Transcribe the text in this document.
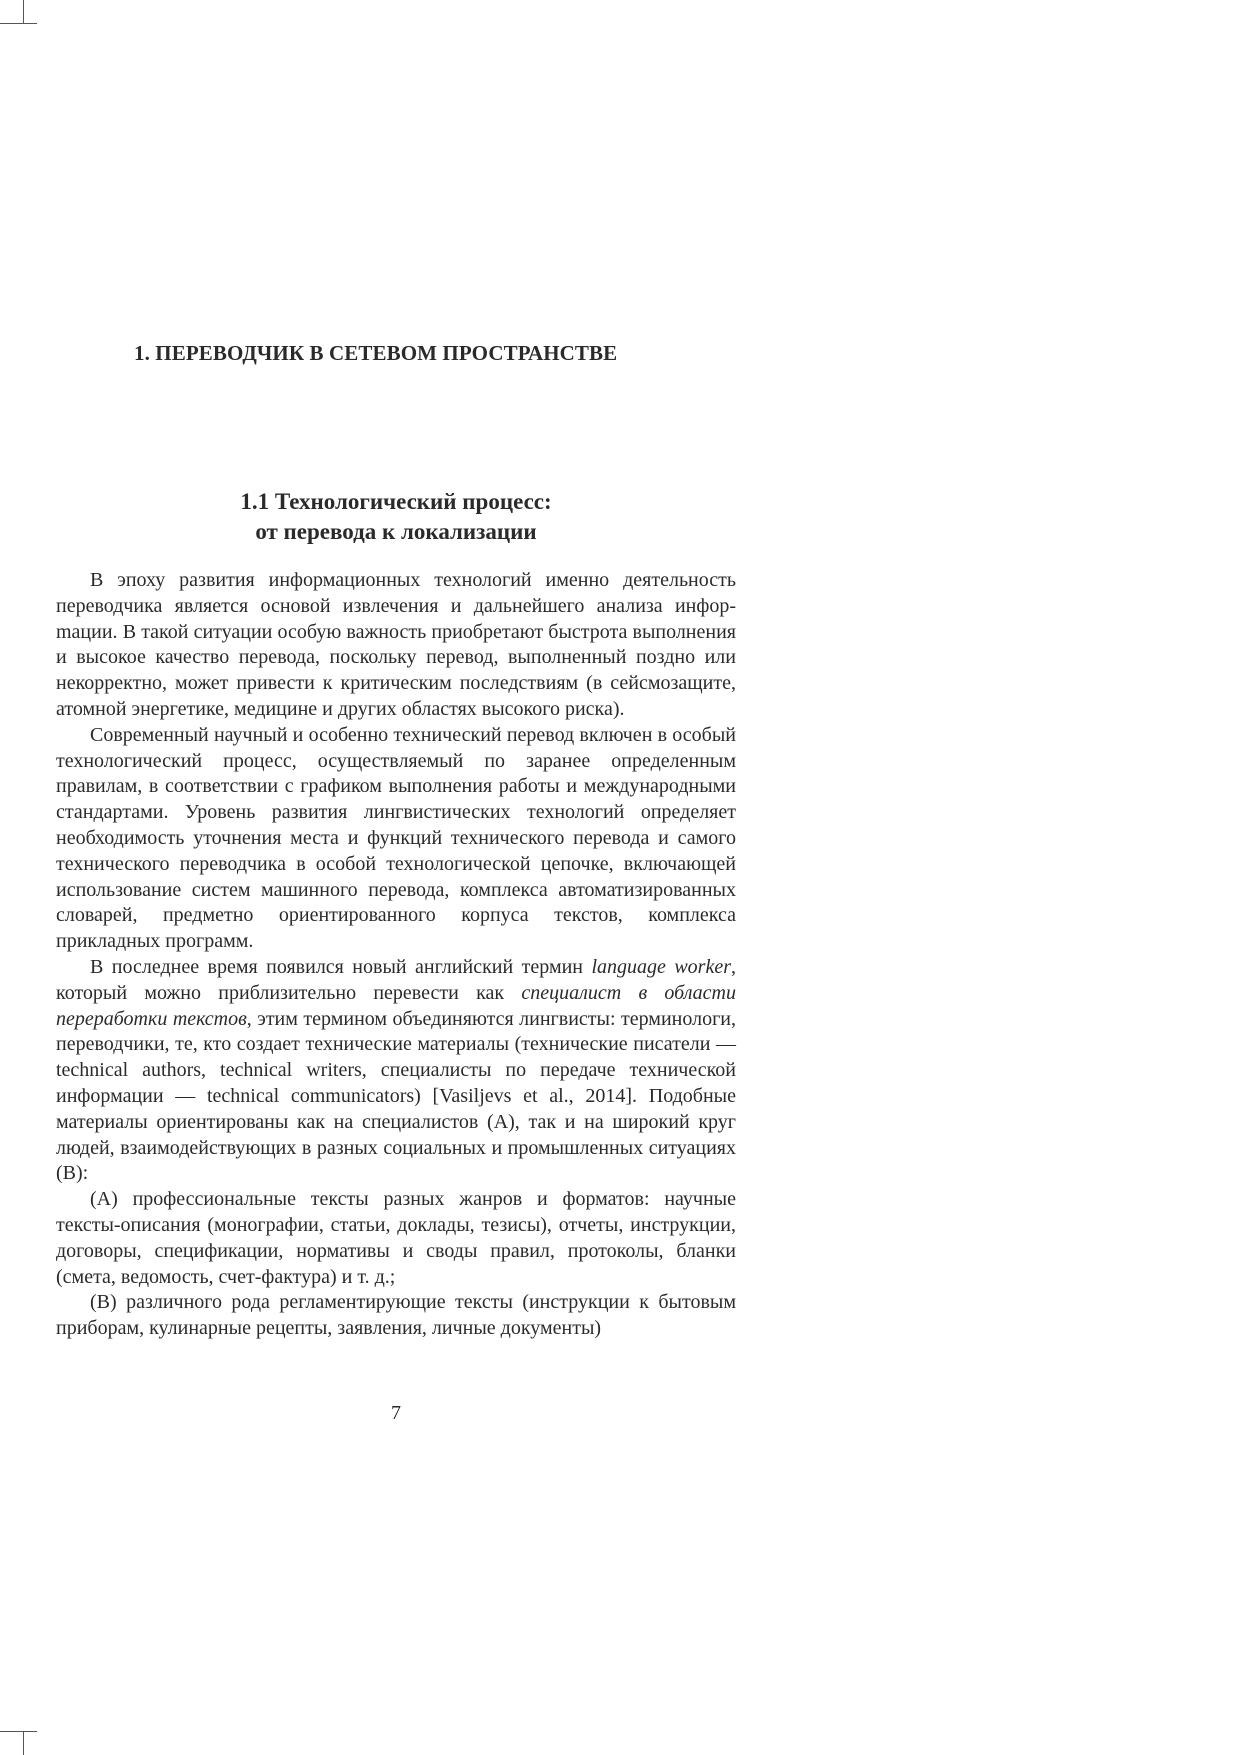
1. ПЕРЕВОДЧИК В СЕТЕВОМ ПРОСТРАНСТВЕ
1.1 Технологический процесс:
от перевода к локализации

В эпоху развития информационных технологий именно деятельность переводчика является основой извлечения и дальнейшего анализа инфорmации. В такой ситуации особую важность приобретают быстрота выполнения и высокое качество перевода, поскольку перевод, выполненный поздно или некорректно, может привести к критическим последствиям (в сейсмозащите, атомной энергетике, медицине и других областях высокого риска).

Современный научный и особенно технический перевод включен в особый технологический процесс, осуществляемый по заранее определенным правилам, в соответствии с графиком выполнения работы и международными стандартами. Уровень развития лингвистических технологий определяет необходимость уточнения места и функций технического перевода и самого технического переводчика в особой технологической цепочке, включающей использование систем машинного перевода, комплекса автоматизированных словарей, предметно ориентированного корпуса текстов, комплекса прикладных программ.

В последнее время появился новый английский термин language worker, который можно приблизительно перевести как специалист в области переработки текстов, этим термином объединяются лингвисты: терминологи, переводчики, те, кто создает технические материалы (технические писатели — technical authors, technical writers, специалисты по передаче технической информации — technical communicators) [Vasiljevs et al., 2014]. Подобные материалы ориентированы как на специалистов (А), так и на широкий круг людей, взаимодействующих в разных социальных и промышленных ситуациях (В):

(А) профессиональные тексты разных жанров и форматов: научные тексты-описания (монографии, статьи, доклады, тезисы), отчеты, инструкции, договоры, спецификации, нормативы и своды правил, протоколы, бланки (смета, ведомость, счет-фактура) и т. д.;

(В) различного рода регламентирующие тексты (инструкции к бытовым приборам, кулинарные рецепты, заявления, личные документы)

7
